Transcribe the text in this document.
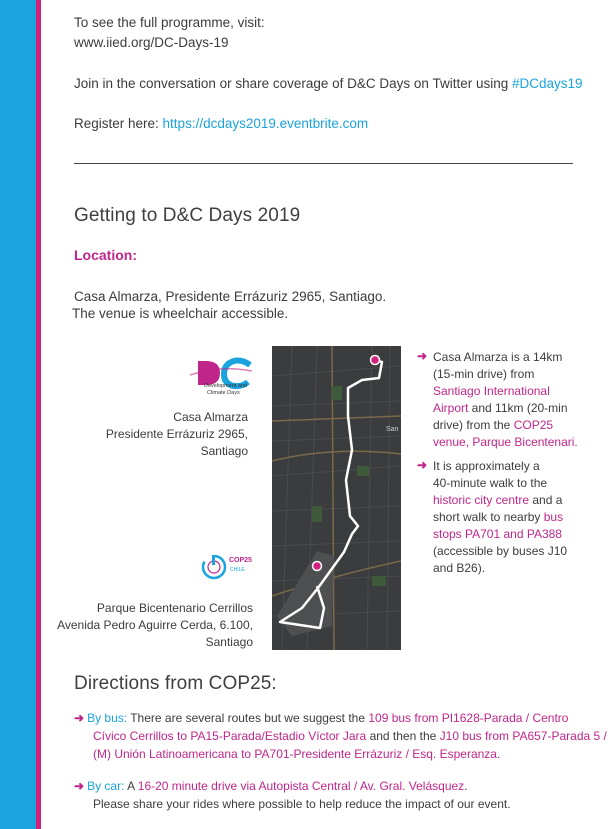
To see the full programme, visit:
www.iied.org/DC-Days-19
Join in the conversation or share coverage of D&C Days on Twitter using #DCdays19
Register here: https://dcdays2019.eventbrite.com
Getting to D&C Days 2019
Location:
Casa Almarza, Presidente Errázuriz 2965, Santiago.
The venue is wheelchair accessible.
Development and
Climate Days
Casa Almarza
Presidente Errázuriz 2965,
Santiago
COP25
CHILE
Parque Bicentenario Cerrillos
Avenida Pedro Aguirre Cerda, 6.100,
Santiago
San
➜ Casa Almarza is a 14km
(15-min drive) from
Santiago International
Airport and 11km (20-min
drive) from the COP25
venue, Parque Bicentenari.
➜ It is approximately a
40-minute walk to the
historic city centre and a
short walk to nearby bus
stops PA701 and PA388
(accessible by buses J10
and B26).
Directions from COP25:
➜ By bus: There are several routes but we suggest the 109 bus from PI1628-Parada / Centro
Cívico Cerrillos to PA15-Parada/Estadio Víctor Jara and then the J10 bus from PA657-Parada 5 /
(M) Unión Latinoamericana to PA701-Presidente Errázuriz / Esq. Esperanza.
➜ By car: A 16-20 minute drive via Autopista Central / Av. Gral. Velásquez.
Please share your rides where possible to help reduce the impact of our event.
